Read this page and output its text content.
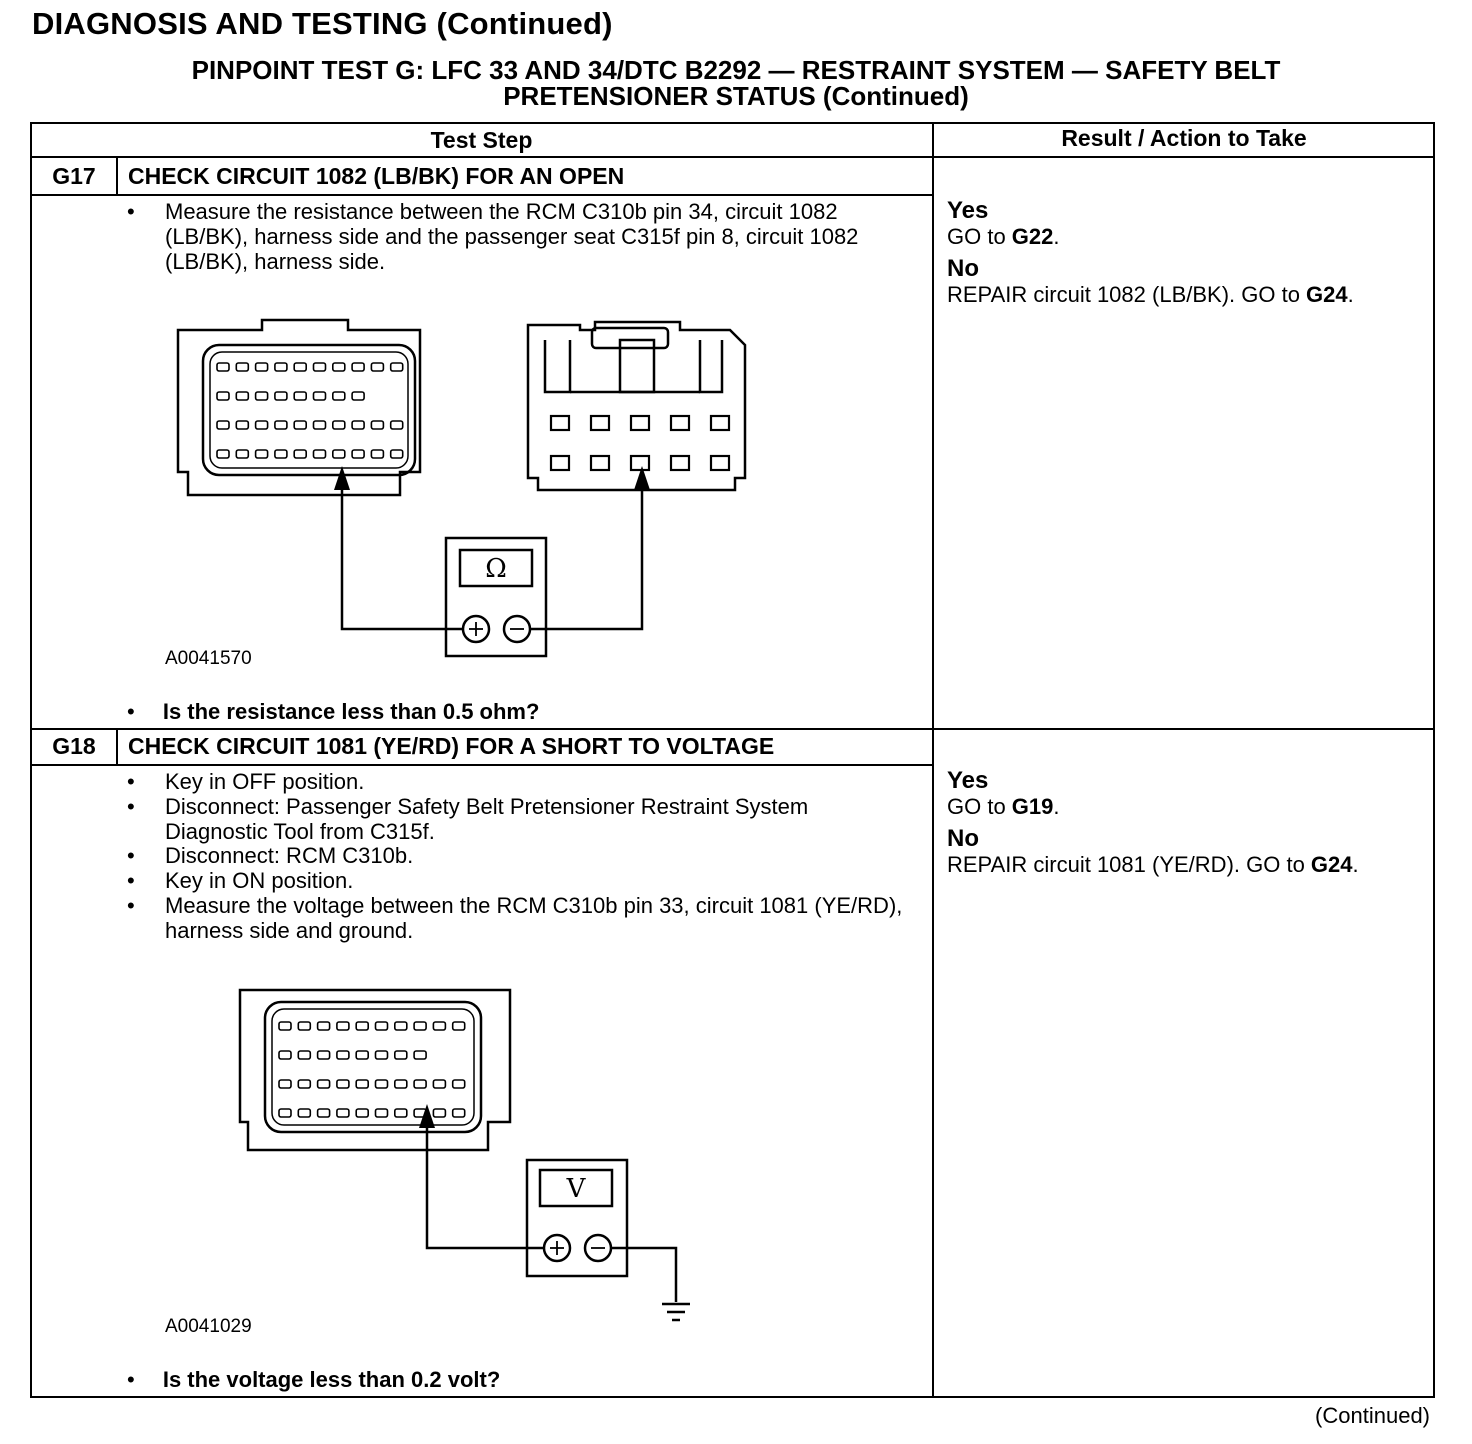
DIAGNOSIS AND TESTING (Continued)
PINPOINT TEST G: LFC 33 AND 34/DTC B2292 — RESTRAINT SYSTEM — SAFETY BELT
PRETENSIONER STATUS (Continued)
Test Step	Result / Action to Take
G17	CHECK CIRCUIT 1082 (LB/BK) FOR AN OPEN
• Measure the resistance between the RCM C310b pin 34, circuit 1082 (LB/BK), harness side and the passenger seat C315f pin 8, circuit 1082 (LB/BK), harness side.
Ω
A0041570
• Is the resistance less than 0.5 ohm?
Yes
GO to G22.
No
REPAIR circuit 1082 (LB/BK). GO to G24.
G18	CHECK CIRCUIT 1081 (YE/RD) FOR A SHORT TO VOLTAGE
• Key in OFF position.
• Disconnect: Passenger Safety Belt Pretensioner Restraint System Diagnostic Tool from C315f.
• Disconnect: RCM C310b.
• Key in ON position.
• Measure the voltage between the RCM C310b pin 33, circuit 1081 (YE/RD), harness side and ground.
V
A0041029
• Is the voltage less than 0.2 volt?
Yes
GO to G19.
No
REPAIR circuit 1081 (YE/RD). GO to G24.
(Continued)
